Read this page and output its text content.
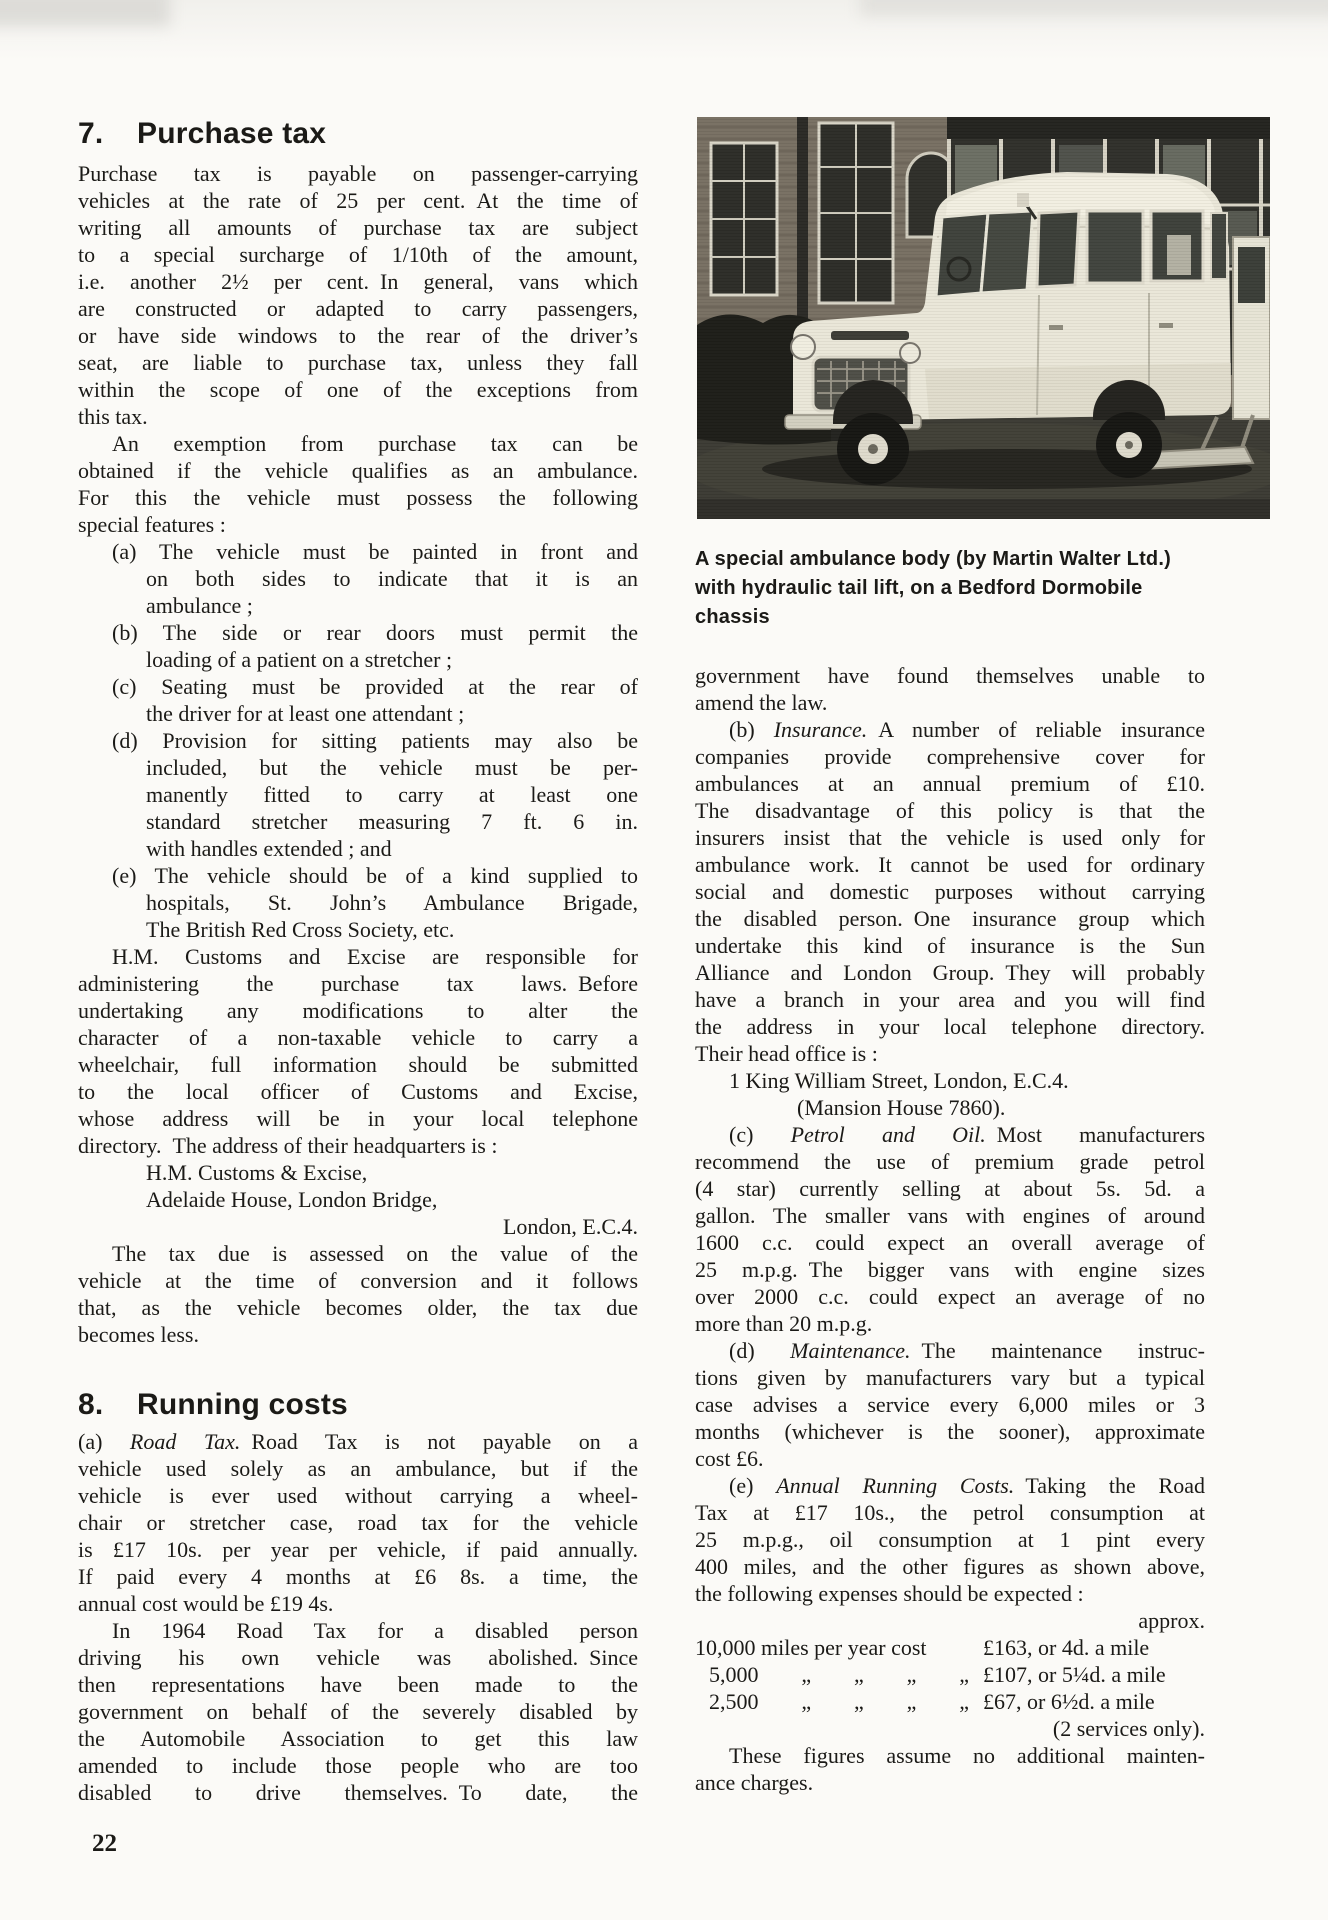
7. Purchase tax
Purchase tax is payable on passenger-carrying
vehicles at the rate of 25 per cent. At the time of
writing all amounts of purchase tax are subject
to a special surcharge of 1/10th of the amount,
i.e. another 2½ per cent. In general, vans which
are constructed or adapted to carry passengers,
or have side windows to the rear of the driver’s
seat, are liable to purchase tax, unless they fall
within the scope of one of the exceptions from
this tax.
An exemption from purchase tax can be
obtained if the vehicle qualifies as an ambulance.
For this the vehicle must possess the following
special features :
(a) The vehicle must be painted in front and
on both sides to indicate that it is an
ambulance ;
(b) The side or rear doors must permit the
loading of a patient on a stretcher ;
(c) Seating must be provided at the rear of
the driver for at least one attendant ;
(d) Provision for sitting patients may also be
included, but the vehicle must be per-
manently fitted to carry at least one
standard stretcher measuring 7 ft. 6 in.
with handles extended ; and
(e) The vehicle should be of a kind supplied to
hospitals, St. John’s Ambulance Brigade,
The British Red Cross Society, etc.
H.M. Customs and Excise are responsible for
administering the purchase tax laws. Before
undertaking any modifications to alter the
character of a non-taxable vehicle to carry a
wheelchair, full information should be submitted
to the local officer of Customs and Excise,
whose address will be in your local telephone
directory. The address of their headquarters is :
H.M. Customs & Excise,
Adelaide House, London Bridge,
London, E.C.4.
The tax due is assessed on the value of the
vehicle at the time of conversion and it follows
that, as the vehicle becomes older, the tax due
becomes less.
8. Running costs
(a) Road Tax. Road Tax is not payable on a
vehicle used solely as an ambulance, but if the
vehicle is ever used without carrying a wheel-
chair or stretcher case, road tax for the vehicle
is £17 10s. per year per vehicle, if paid annually.
If paid every 4 months at £6 8s. a time, the
annual cost would be £19 4s.
In 1964 Road Tax for a disabled person
driving his own vehicle was abolished. Since
then representations have been made to the
government on behalf of the severely disabled by
the Automobile Association to get this law
amended to include those people who are too
disabled to drive themselves. To date, the
A special ambulance body (by Martin Walter Ltd.)
with hydraulic tail lift, on a Bedford Dormobile
chassis
government have found themselves unable to
amend the law.
(b) Insurance. A number of reliable insurance
companies provide comprehensive cover for
ambulances at an annual premium of £10.
The disadvantage of this policy is that the
insurers insist that the vehicle is used only for
ambulance work. It cannot be used for ordinary
social and domestic purposes without carrying
the disabled person. One insurance group which
undertake this kind of insurance is the Sun
Alliance and London Group. They will probably
have a branch in your area and you will find
the address in your local telephone directory.
Their head office is :
1 King William Street, London, E.C.4.
(Mansion House 7860).
(c) Petrol and Oil. Most manufacturers
recommend the use of premium grade petrol
(4 star) currently selling at about 5s. 5d. a
gallon. The smaller vans with engines of around
1600 c.c. could expect an overall average of
25 m.p.g. The bigger vans with engine sizes
over 2000 c.c. could expect an average of no
more than 20 m.p.g.
(d) Maintenance. The maintenance instruc-
tions given by manufacturers vary but a typical
case advises a service every 6,000 miles or 3
months (whichever is the sooner), approximate
cost £6.
(e) Annual Running Costs. Taking the Road
Tax at £17 10s., the petrol consumption at
25 m.p.g., oil consumption at 1 pint every
400 miles, and the other figures as shown above,
the following expenses should be expected :
approx.
10,000 miles per year cost	£163, or 4d. a mile
5,000 „ „ „ „ £107, or 5¼d. a mile
2,500 „ „ „ „ £67, or 6½d. a mile
(2 services only).
These figures assume no additional mainten-
ance charges.
22
